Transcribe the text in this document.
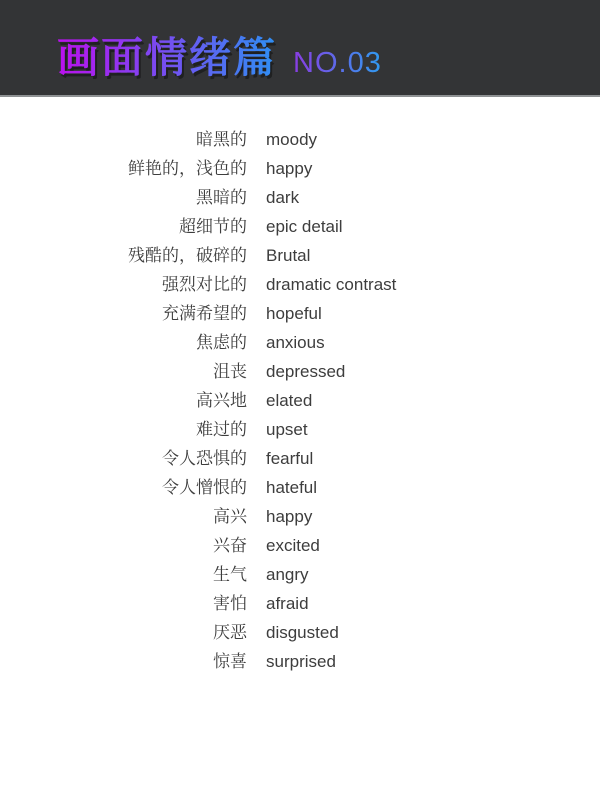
画面情绪篇 NO.03
暗黑的 moody
鲜艳的，浅色的 happy
黑暗的 dark
超细节的 epic detail
残酷的，破碎的 Brutal
强烈对比的 dramatic contrast
充满希望的 hopeful
焦虑的 anxious
沮丧 depressed
高兴地 elated
难过的 upset
令人恐惧的 fearful
令人憎恨的 hateful
高兴 happy
兴奋 excited
生气 angry
害怕 afraid
厌恶 disgusted
惊喜 surprised
